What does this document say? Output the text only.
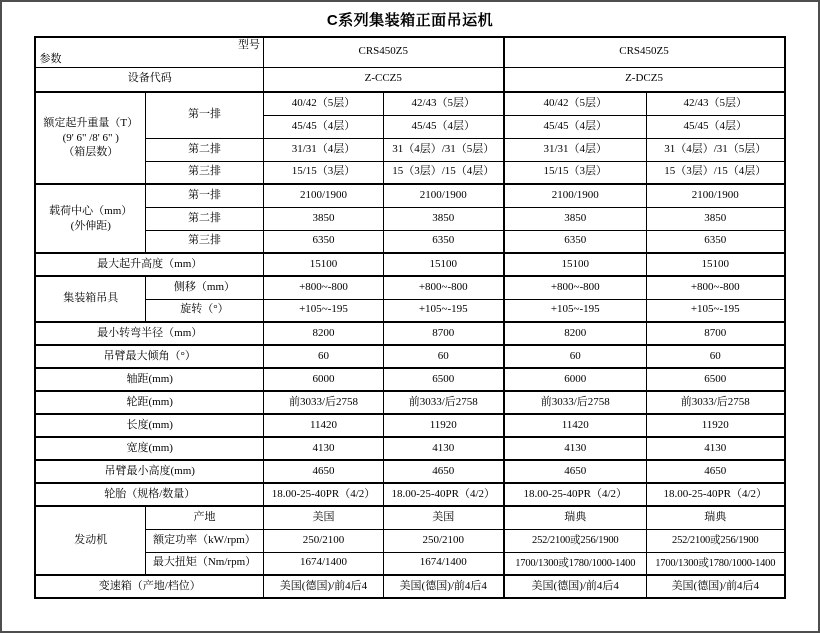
C系列集装箱正面吊运机
型号
参数		CRS450Z5		CRS450Z5	
设备代码		Z-CCZ5		Z-DCZ5	

额定起升重量（T）
(9' 6" /8' 6" )
（箱层数）	第一排	40/42（5层）	42/43（5层）	40/42（5层）	42/43（5层）
		45/45（4层）	45/45（4层）	45/45（4层）	45/45（4层）
	第二排	31/31（4层）	31（4层）/31（5层）	31/31（4层）	31（4层）/31（5层）
	第三排	15/15（3层）	15（3层）/15（4层）	15/15（3层）	15（3层）/15（4层）

载荷中心（mm）
(外伸距)	第一排	2100/1900	2100/1900	2100/1900	2100/1900
	第二排	3850	3850	3850	3850
	第三排	6350	6350	6350	6350
最大起升高度（mm）		15100	15100	15100	15100
集装箱吊具	侧移（mm）	+800~-800	+800~-800	+800~-800	+800~-800
	旋转（°）	+105~-195	+105~-195	+105~-195	+105~-195
最小转弯半径（mm）		8200	8700	8200	8700
吊臂最大倾角（°）		60	60	60	60
轴距(mm)		6000	6500	6000	6500
轮距(mm)		前3033/后2758	前3033/后2758	前3033/后2758	前3033/后2758
长度(mm)		11420	11920	11420	11920
宽度(mm)		4130	4130	4130	4130
吊臂最小高度(mm)		4650	4650	4650	4650
轮胎（规格/数量）		18.00-25-40PR（4/2）	18.00-25-40PR（4/2）	18.00-25-40PR（4/2）	18.00-25-40PR（4/2）
发动机	产地	美国	美国	瑞典	瑞典
	额定功率（kW/rpm）	250/2100	250/2100	252/2100或256/1900	252/2100或256/1900
	最大扭矩（Nm/rpm）	1674/1400	1674/1400	1700/1300或1780/1000-1400	1700/1300或1780/1000-1400
变速箱（产地/档位）		美国(德国)/前4后4	美国(德国)/前4后4	美国(德国)/前4后4	美国(德国)/前4后4
